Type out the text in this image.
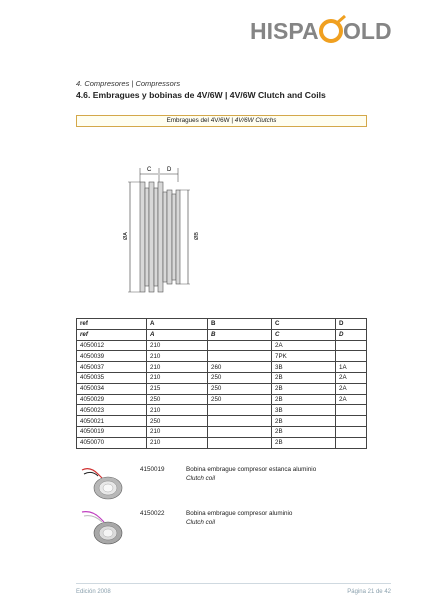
HISPA OLD
4. Compresores | Compressors
4.6. Embragues y bobinas de 4V/6W | 4V/6W Clutch and Coils
Embragues del 4V/6W | 4V/6W Clutchs
C	D
ØA	ØB
ref	A	B	C	D
ref	A	B	C	D
4050012	210		2A	
4050039	210		7PK	
4050037	210	260	3B	1A
4050035	210	250	2B	2A
4050034	215	250	2B	2A
4050029	250	250	2B	2A
4050023	210		3B	
4050021	250		2B	
4050019	210		2B	
4050070	210		2B	
4150019	Bobina embrague compresor estanca aluminio
Clutch coil
4150022	Bobina embrague compresor aluminio
Clutch coil
Edición 2008	Página 21 de 42
